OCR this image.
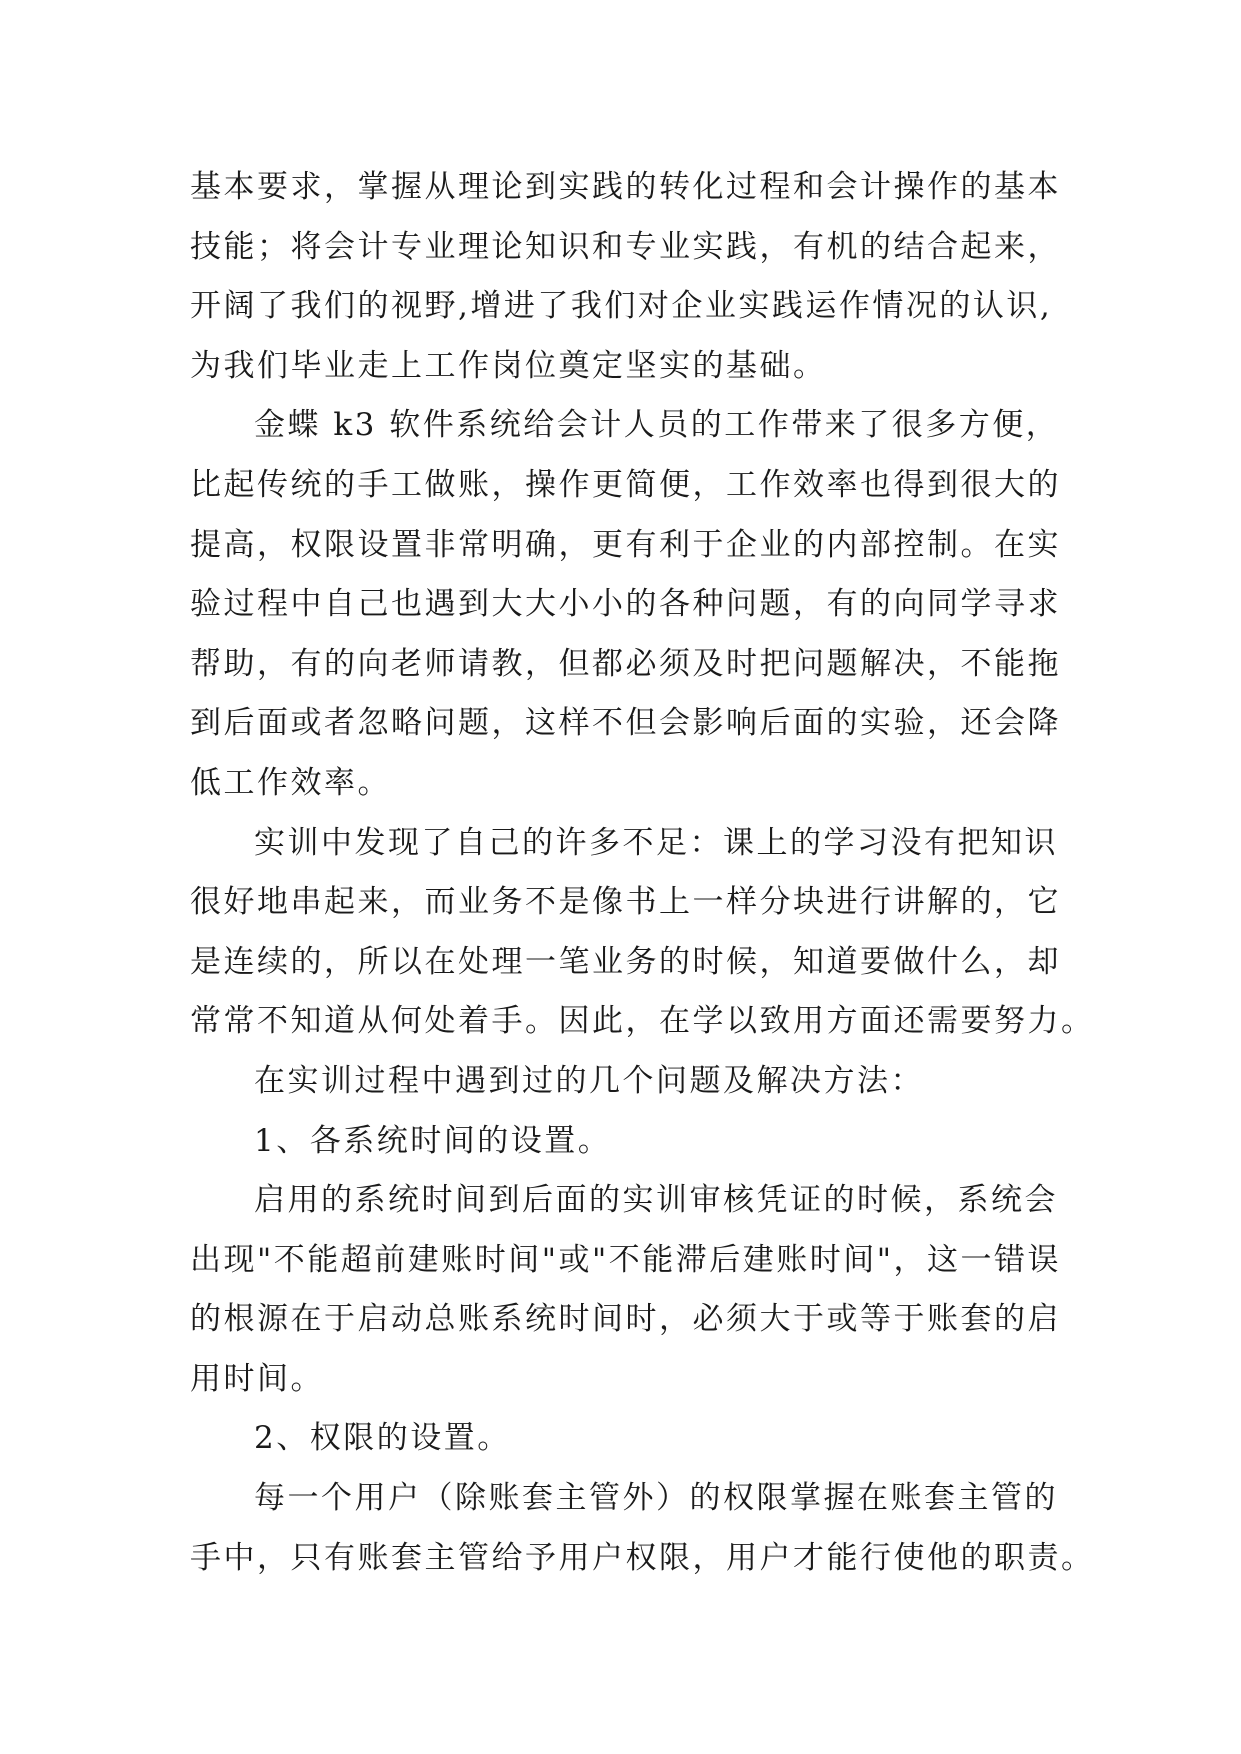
基本要求，掌握从理论到实践的转化过程和会计操作的基本
技能；将会计专业理论知识和专业实践，有机的结合起来，
开阔了我们的视野,增进了我们对企业实践运作情况的认识,
为我们毕业走上工作岗位奠定坚实的基础。
金蝶 k3 软件系统给会计人员的工作带来了很多方便，
比起传统的手工做账，操作更简便，工作效率也得到很大的
提高，权限设置非常明确，更有利于企业的内部控制。在实
验过程中自己也遇到大大小小的各种问题，有的向同学寻求
帮助，有的向老师请教，但都必须及时把问题解决，不能拖
到后面或者忽略问题，这样不但会影响后面的实验，还会降
低工作效率。
实训中发现了自己的许多不足：课上的学习没有把知识
很好地串起来，而业务不是像书上一样分块进行讲解的，它
是连续的，所以在处理一笔业务的时候，知道要做什么，却
常常不知道从何处着手。因此，在学以致用方面还需要努力。
在实训过程中遇到过的几个问题及解决方法：
1、各系统时间的设置。
启用的系统时间到后面的实训审核凭证的时候，系统会
出现"不能超前建账时间"或"不能滞后建账时间"，这一错误
的根源在于启动总账系统时间时，必须大于或等于账套的启
用时间。
2、权限的设置。
每一个用户（除账套主管外）的权限掌握在账套主管的
手中，只有账套主管给予用户权限，用户才能行使他的职责。
